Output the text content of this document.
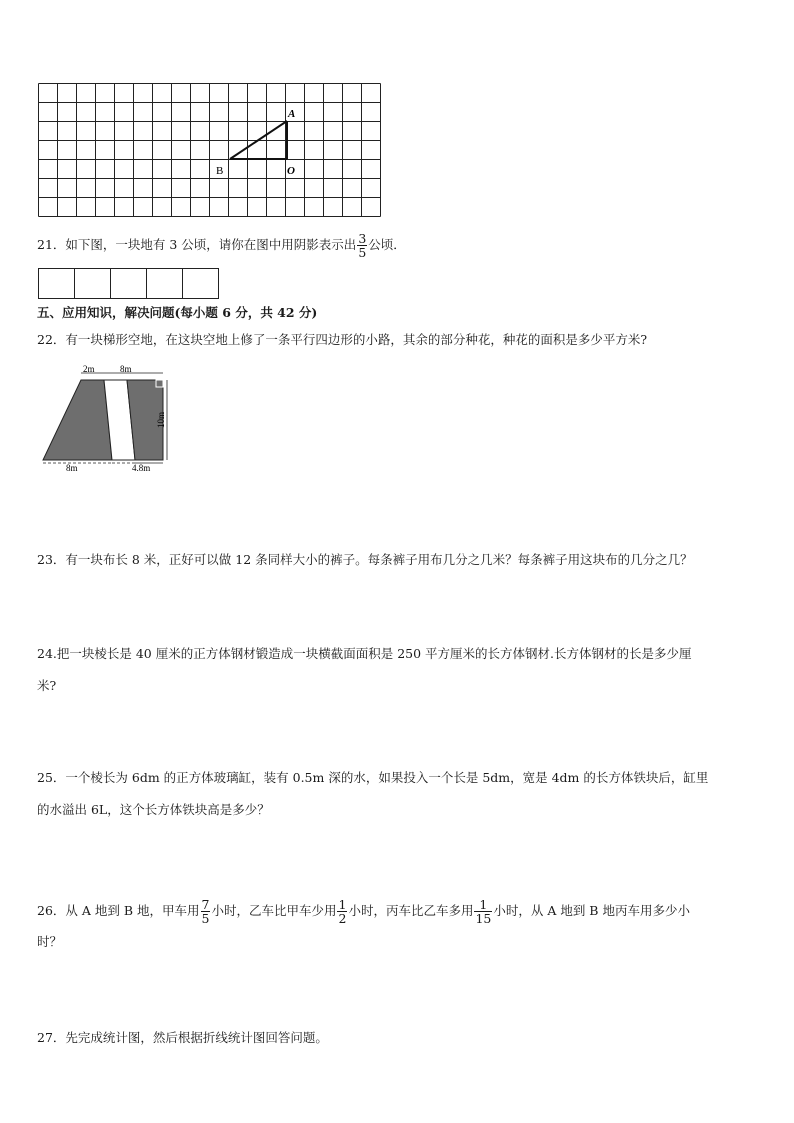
A
B	O
21．如下图，一块地有 3 公顷，请你在图中用阴影表示出 $\frac{3}{5}$ 公顷．
五、应用知识，解决问题(每小题 6 分，共 42 分)
22．有一块梯形空地，在这块空地上修了一条平行四边形的小路，其余的部分种花，种花的面积是多少平方米?
2m	8m
8m	4.8m
10m
23．有一块布长 8 米，正好可以做 12 条同样大小的裤子。每条裤子用布几分之几米？每条裤子用这块布的几分之几？
24.把一块棱长是 40 厘米的正方体钢材锻造成一块横截面面积是 250 平方厘米的长方体钢材.长方体钢材的长是多少厘
米?
25．一个棱长为 6dm 的正方体玻璃缸，装有 0.5m 深的水，如果投入一个长是 5dm，宽是 4dm 的长方体铁块后，缸里
的水溢出 6L，这个长方体铁块高是多少？
26．从 A 地到 B 地，甲车用 $\frac{7}{5}$ 小时，乙车比甲车少用 $\frac{1}{2}$ 小时，丙车比乙车多用 $\frac{1}{15}$ 小时，从 A 地到 B 地丙车用多少小
时？
27．先完成统计图，然后根据折线统计图回答问题。
